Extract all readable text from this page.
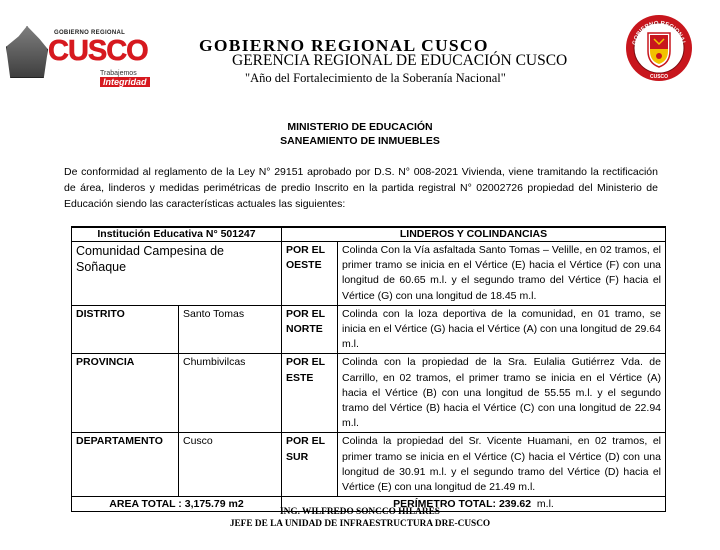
GOBIERNO REGIONAL
CUSCO
Trabajemos
Integridad
GOBIERNO REGIONAL CUSCO
GERENCIA REGIONAL DE EDUCACIÓN CUSCO
"Año del Fortalecimiento de la Soberanía Nacional"
GOBIERNO REGIONAL
CUSCO
MINISTERIO DE EDUCACIÓN
SANEAMIENTO DE INMUEBLES
De conformidad al reglamento de la Ley N° 29151 aprobado por D.S. N° 008-2021 Vivienda, viene tramitando la rectificación de área, linderos y medidas perimétricas de predio Inscrito en la partida registral N° 02002726 propiedad del Ministerio de Educación siendo las características actuales las siguientes:
Institución Educativa N° 501247		LINDEROS Y COLINDANCIAS	
Comunidad Campesina de Soñaque		POR EL OESTE	Colinda Con la Vía asfaltada Santo Tomas – Velille, en 02 tramos, el primer tramo se inicia en el Vértice (E) hacia el Vértice (F) con una longitud de 60.65 m.l. y el segundo tramo del Vértice (F) hacia el Vértice (G) con una longitud de 18.45 m.l.
DISTRITO	Santo Tomas	POR EL NORTE	Colinda con la loza deportiva de la comunidad, en 01 tramo, se inicia en el Vértice (G) hacia el Vértice (A) con una longitud de 29.64 m.l.
PROVINCIA	Chumbivilcas	POR EL ESTE	Colinda con la propiedad de la Sra. Eulalia Gutiérrez Vda. de Carrillo, en 02 tramos, el primer tramo se inicia en el Vértice (A) hacia el Vértice (B) con una longitud de 55.55 m.l. y el segundo tramo del Vértice (B) hacia el Vértice (C) con una longitud de 22.94 m.l.
DEPARTAMENTO	Cusco	POR EL SUR	Colinda la propiedad del Sr. Vicente Huamani, en 02 tramos, el primer tramo se inicia en el Vértice (C) hacia el Vértice (D) con una longitud de 30.91 m.l. y el segundo tramo del Vértice (D) hacia el Vértice (E) con una longitud de 21.49 m.l.
AREA TOTAL : 3,175.79 m2		PERÍMETRO TOTAL: 239.62 m.l.	
ING. WILFREDO SONCCO HILARES
JEFE DE LA UNIDAD DE INFRAESTRUCTURA DRE-CUSCO
